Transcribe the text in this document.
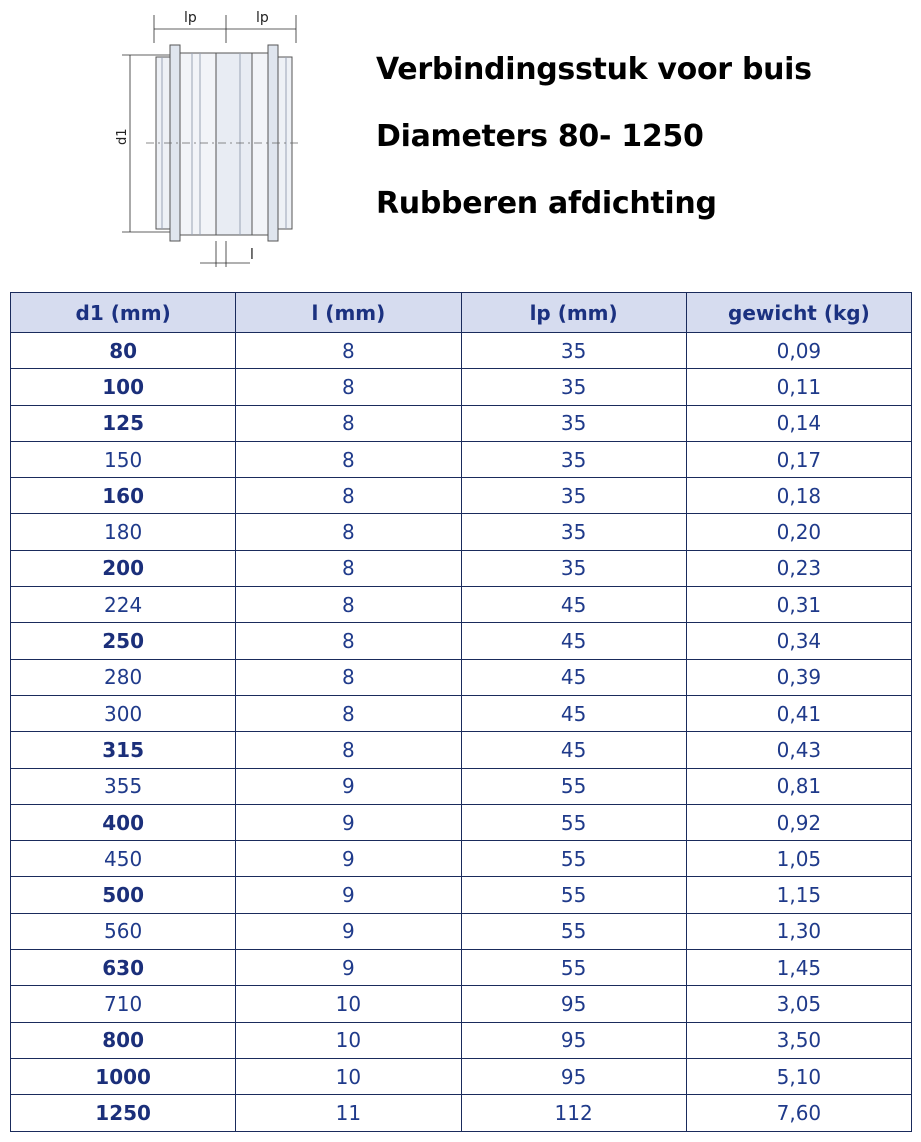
lp	lp
d1
l
Verbindingsstuk voor buis
Diameters 80- 1250
Rubberen afdichting
d1 (mm)	l (mm)	lp (mm)	gewicht (kg)
80	8	35	0,09
100	8	35	0,11
125	8	35	0,14
150	8	35	0,17
160	8	35	0,18
180	8	35	0,20
200	8	35	0,23
224	8	45	0,31
250	8	45	0,34
280	8	45	0,39
300	8	45	0,41
315	8	45	0,43
355	9	55	0,81
400	9	55	0,92
450	9	55	1,05
500	9	55	1,15
560	9	55	1,30
630	9	55	1,45
710	10	95	3,05
800	10	95	3,50
1000	10	95	5,10
1250	11	112	7,60
